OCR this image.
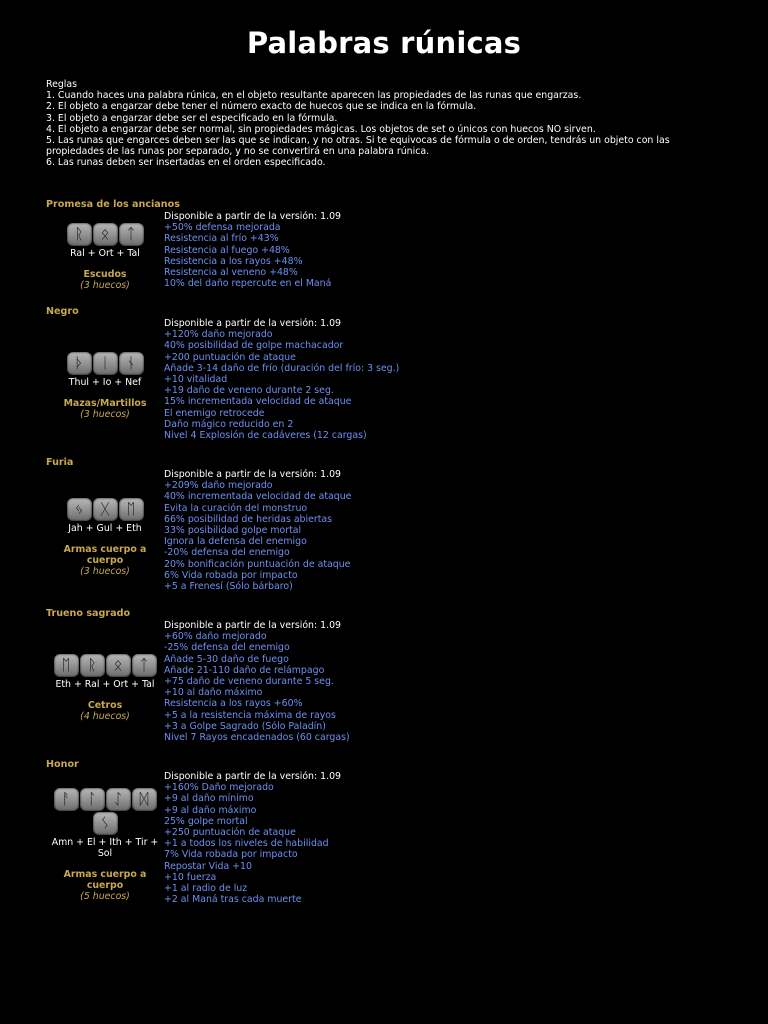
Palabras rúnicas
Reglas
1. Cuando haces una palabra rúnica, en el objeto resultante aparecen las propiedades de las runas que engarzas.
2. El objeto a engarzar debe tener el número exacto de huecos que se indica en la fórmula.
3. El objeto a engarzar debe ser el especificado en la fórmula.
4. El objeto a engarzar debe ser normal, sin propiedades mágicas. Los objetos de set o únicos con huecos NO sirven.
5. Las runas que engarces deben ser las que se indican, y no otras. Si te equivocas de fórmula o de orden, tendrás un objeto con las propiedades de las runas por separado, y no se convertirá en una palabra rúnica.
6. Las runas deben ser insertadas en el orden especificado.
Promesa de los ancianos
ᚱ ᛟ ᛏ
Ral + Ort + Tal
Escudos
(3 huecos)
Disponible a partir de la versión: 1.09
+50% defensa mejorada
Resistencia al frío +43%
Resistencia al fuego +48%
Resistencia a los rayos +48%
Resistencia al veneno +48%
10% del daño repercute en el Maná
Negro
ᚦ ᛁ ᚾ
Thul + Io + Nef
Mazas/Martillos
(3 huecos)
Disponible a partir de la versión: 1.09
+120% daño mejorado
40% posibilidad de golpe machacador
+200 puntuación de ataque
Añade 3-14 daño de frío (duración del frío: 3 seg.)
+10 vitalidad
+19 daño de veneno durante 2 seg.
15% incrementada velocidad de ataque
El enemigo retrocede
Daño mágico reducido en 2
Nivel 4 Explosión de cadáveres (12 cargas)
Furia
ᛃ ᚷ ᛖ
Jah + Gul + Eth
Armas cuerpo a cuerpo
(3 huecos)
Disponible a partir de la versión: 1.09
+209% daño mejorado
40% incrementada velocidad de ataque
Evita la curación del monstruo
66% posibilidad de heridas abiertas
33% posibilidad golpe mortal
Ignora la defensa del enemigo
-20% defensa del enemigo
20% bonificación puntuación de ataque
6% Vida robada por impacto
+5 a Frenesí (Sólo bárbaro)
Trueno sagrado
ᛖ ᚱ ᛟ ᛏ
Eth + Ral + Ort + Tal
Cetros
(4 huecos)
Disponible a partir de la versión: 1.09
+60% daño mejorado
-25% defensa del enemigo
Añade 5-30 daño de fuego
Añade 21-110 daño de relámpago
+75 daño de veneno durante 5 seg.
+10 al daño máximo
Resistencia a los rayos +60%
+5 a la resistencia máxima de rayos
+3 a Golpe Sagrado (Sólo Paladín)
Nivel 7 Rayos encadenados (60 cargas)
Honor
ᚨ ᛚ ᛇ ᛞ
ᛊ
Amn + El + Ith + Tir +
Sol
Armas cuerpo a cuerpo
(5 huecos)
Disponible a partir de la versión: 1.09
+160% Daño mejorado
+9 al daño mínimo
+9 al daño máximo
25% golpe mortal
+250 puntuación de ataque
+1 a todos los niveles de habilidad
7% Vida robada por impacto
Repostar Vida +10
+10 fuerza
+1 al radio de luz
+2 al Maná tras cada muerte
